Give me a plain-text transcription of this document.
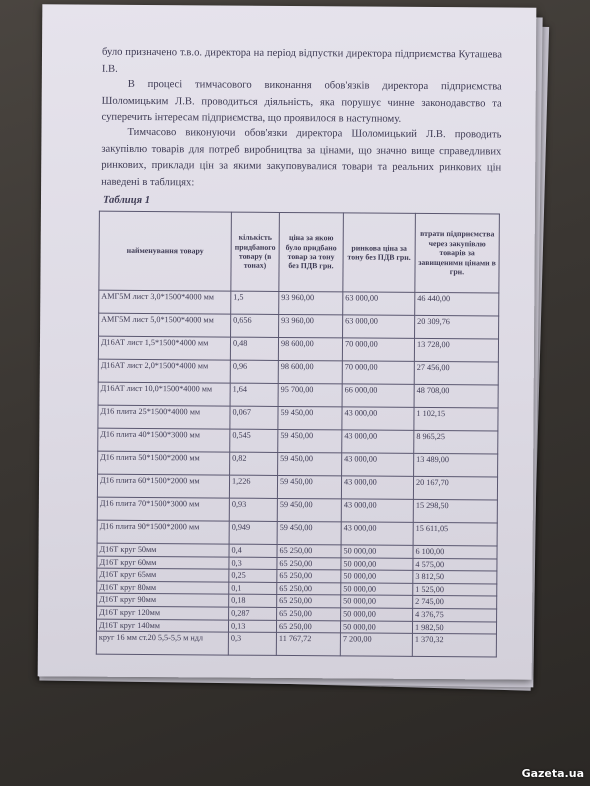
було призначено т.в.о. директора на період відпустки директора підприємства Куташева І.В.

В процесі тимчасового виконання обов'язків директора підприємства Шоломицьким Л.В. проводиться діяльність, яка порушує чинне законодавство та суперечить інтересам підприємства, що проявилося в наступному.

Тимчасово виконуючи обов'язки директора Шоломицький Л.В. проводить закупівлю товарів для потреб виробництва за цінами, що значно вище справедливих ринкових, приклади цін за якими закуповувалися товари та реальних ринкових цін наведені в таблицях:

Таблиця 1
найменування товару	кількість придбаного товару (в тонах)	ціна за якою було придбано товар за тону без ПДВ грн.	ринкова ціна за тону без ПДВ грн.	втрати підприємства через закупівлю товарів за завищеними цінами в грн.
АМГ5М лист 3,0*1500*4000 мм	1,5	93 960,00	63 000,00	46 440,00
АМГ5М лист 5,0*1500*4000 мм	0,656	93 960,00	63 000,00	20 309,76
Д16АТ лист 1,5*1500*4000 мм	0,48	98 600,00	70 000,00	13 728,00
Д16АТ лист 2,0*1500*4000 мм	0,96	98 600,00	70 000,00	27 456,00
Д16АТ лист 10,0*1500*4000 мм	1,64	95 700,00	66 000,00	48 708,00
Д16 плита 25*1500*4000 мм	0,067	59 450,00	43 000,00	1 102,15
Д16 плита 40*1500*3000 мм	0,545	59 450,00	43 000,00	8 965,25
Д16 плита 50*1500*2000 мм	0,82	59 450,00	43 000,00	13 489,00
Д16 плита 60*1500*2000 мм	1,226	59 450,00	43 000,00	20 167,70
Д16 плита 70*1500*3000 мм	0,93	59 450,00	43 000,00	15 298,50
Д16 плита 90*1500*2000 мм	0,949	59 450,00	43 000,00	15 611,05
Д16Т круг 50мм	0,4	65 250,00	50 000,00	6 100,00
Д16Т круг 60мм	0,3	65 250,00	50 000,00	4 575,00
Д16Т круг 65мм	0,25	65 250,00	50 000,00	3 812,50
Д16Т круг 80мм	0,1	65 250,00	50 000,00	1 525,00
Д16Т круг 90мм	0,18	65 250,00	50 000,00	2 745,00
Д16Т круг 120мм	0,287	65 250,00	50 000,00	4 376,75
Д16Т круг 140мм	0,13	65 250,00	50 000,00	1 982,50
круг 16 мм ст.20 5,5-5,5 м ндл	0,3	11 767,72	7 200,00	1 370,32
Gazeta.ua
